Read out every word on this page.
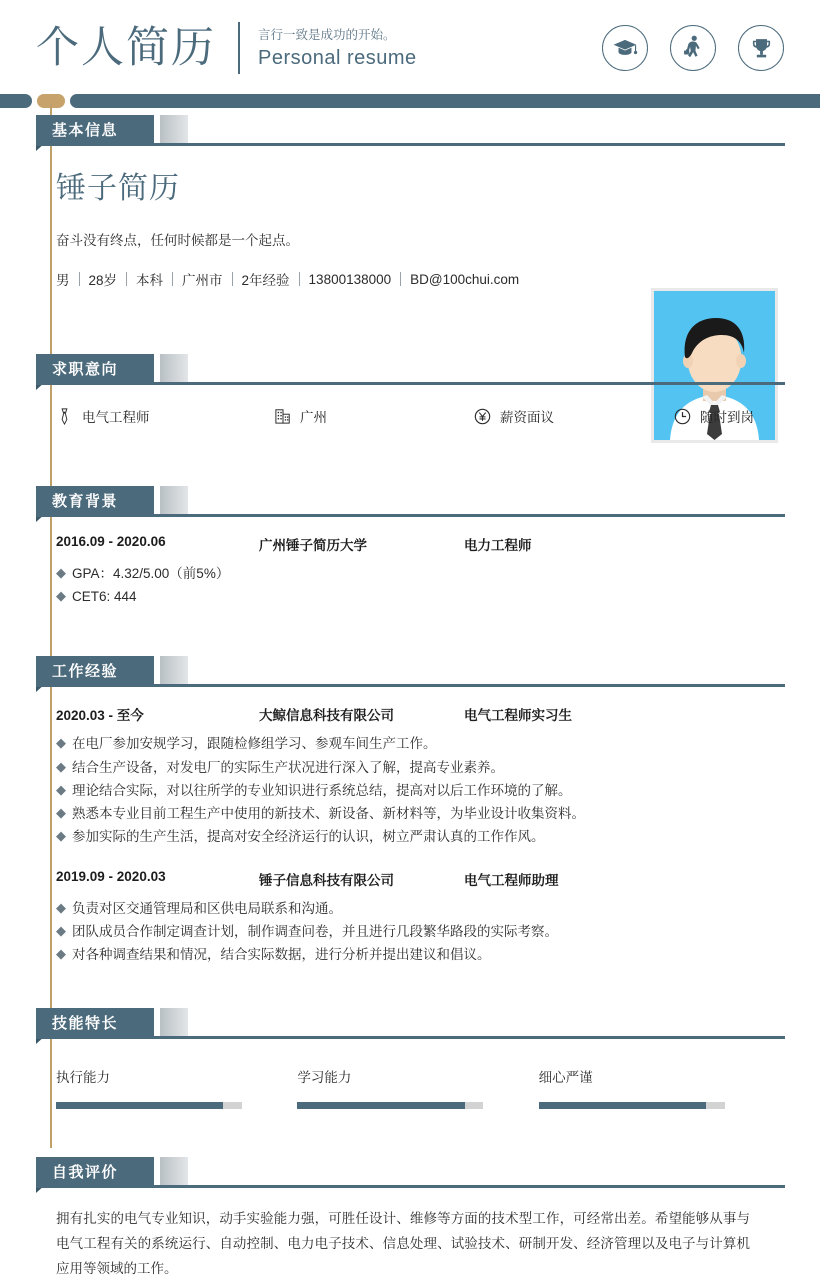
个人简历	言行一致是成功的开始。
Personal resume
基本信息
锤子简历
奋斗没有终点，任何时候都是一个起点。
男 28岁 本科 广州市 2年经验 13800138000 BD@100chui.com
求职意向
电气工程师	广州	薪资面议	随时到岗
教育背景
2016.09 - 2020.06	广州锤子简历大学	电力工程师
◆ GPA：4.32/5.00（前5%）
◆ CET6: 444
工作经验
2020.03 - 至今	大鲸信息科技有限公司	电气工程师实习生
◆ 在电厂参加安规学习，跟随检修组学习、参观车间生产工作。
◆ 结合生产设备，对发电厂的实际生产状况进行深入了解，提高专业素养。
◆ 理论结合实际，对以往所学的专业知识进行系统总结，提高对以后工作环境的了解。
◆ 熟悉本专业目前工程生产中使用的新技术、新设备、新材料等，为毕业设计收集资料。
◆ 参加实际的生产生活，提高对安全经济运行的认识，树立严肃认真的工作作风。
2019.09 - 2020.03	锤子信息科技有限公司	电气工程师助理
◆ 负责对区交通管理局和区供电局联系和沟通。
◆ 团队成员合作制定调查计划，制作调查问卷，并且进行几段繁华路段的实际考察。
◆ 对各种调查结果和情况，结合实际数据，进行分析并提出建议和倡议。
技能特长
执行能力	学习能力	细心严谨
自我评价
拥有扎实的电气专业知识，动手实验能力强，可胜任设计、维修等方面的技术型工作，可经常出差。希望能够从事与电气工程有关的系统运行、自动控制、电力电子技术、信息处理、试验技术、研制开发、经济管理以及电子与计算机应用等领域的工作。
